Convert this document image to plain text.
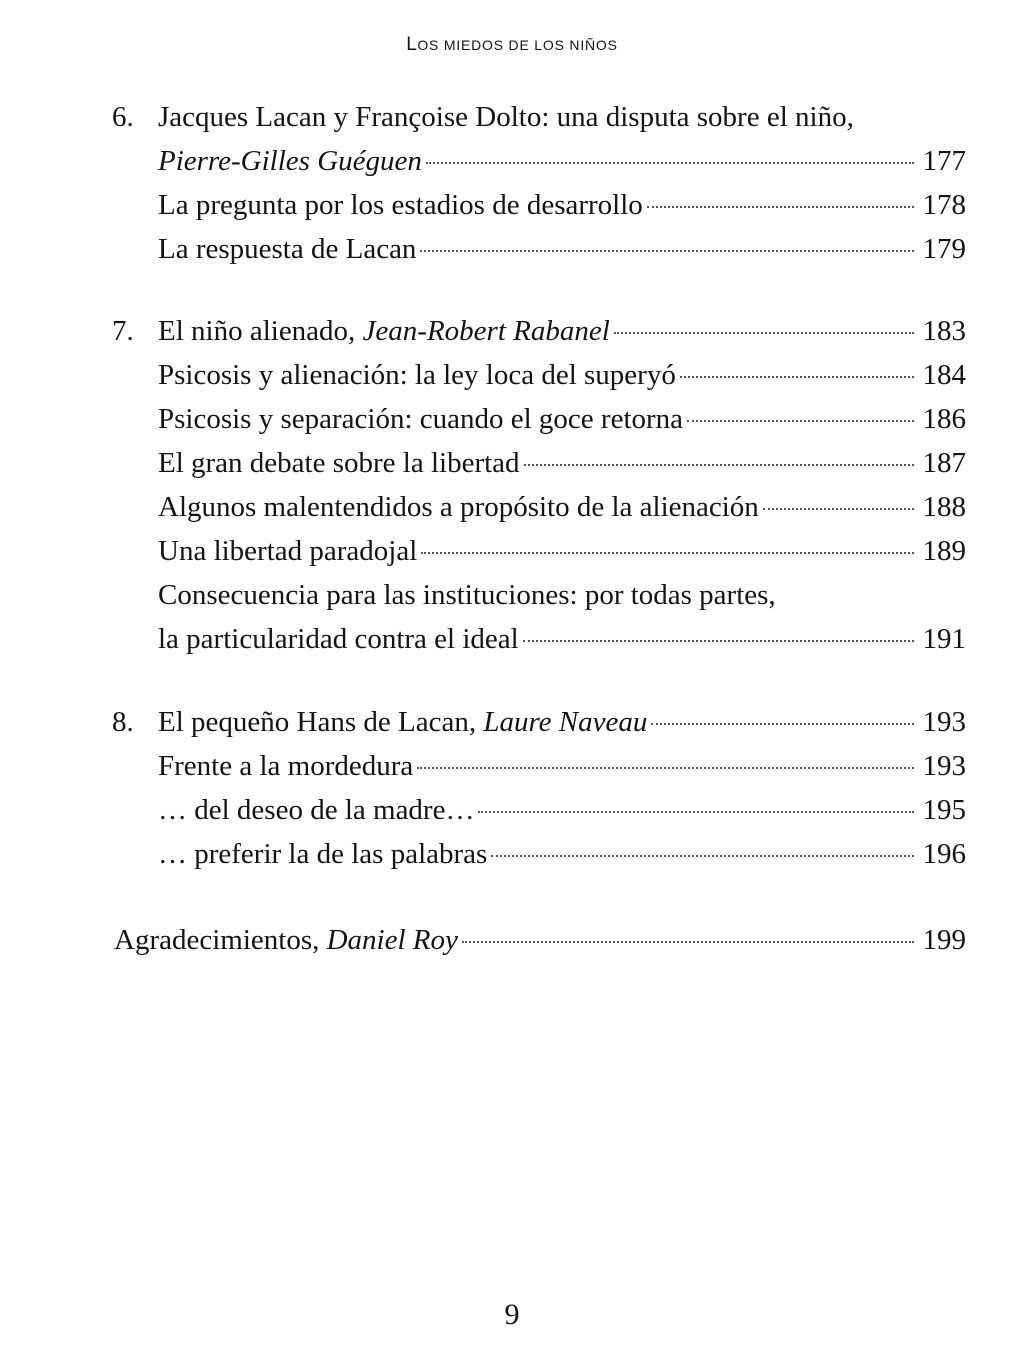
LOS MIEDOS DE LOS NIÑOS
6. Jacques Lacan y Françoise Dolto: una disputa sobre el niño,
Pierre-Gilles Guéguen	177
La pregunta por los estadios de desarrollo	178
La respuesta de Lacan	179
7. El niño alienado, Jean-Robert Rabanel	183
Psicosis y alienación: la ley loca del superyó	184
Psicosis y separación: cuando el goce retorna	186
El gran debate sobre la libertad	187
Algunos malentendidos a propósito de la alienación	188
Una libertad paradojal	189
Consecuencia para las instituciones: por todas partes,
la particularidad contra el ideal	191
8. El pequeño Hans de Lacan, Laure Naveau	193
Frente a la mordedura	193
… del deseo de la madre…	195
… preferir la de las palabras	196
Agradecimientos, Daniel Roy	199
9
